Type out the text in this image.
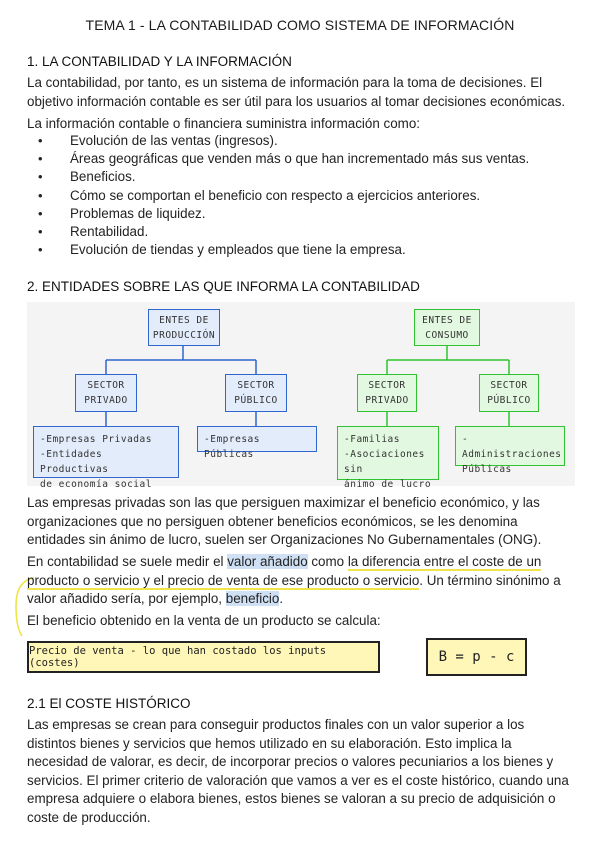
TEMA 1 - LA CONTABILIDAD COMO SISTEMA DE INFORMACIÓN
1. LA CONTABILIDAD Y LA INFORMACIÓN
La contabilidad, por tanto, es un sistema de información para la toma de decisiones. El objetivo información contable es ser útil para los usuarios al tomar decisiones económicas.
La información contable o financiera suministra información como:
• Evolución de las ventas (ingresos).
• Áreas geográficas que venden más o que han incrementado más sus ventas.
• Beneficios.
• Cómo se comportan el beneficio con respecto a ejercicios anteriores.
• Problemas de liquidez.
• Rentabilidad.
• Evolución de tiendas y empleados que tiene la empresa.
2. ENTIDADES SOBRE LAS QUE INFORMA LA CONTABILIDAD
ENTES DE PRODUCCIÓN
SECTOR PRIVADO
SECTOR PÚBLICO
-Empresas Privadas
-Entidades Productivas
de economía social
-Empresas Públicas
ENTES DE CONSUMO
SECTOR PRIVADO
SECTOR PÚBLICO
-Familias
-Asociaciones sin
ánimo de lucro
-Administraciones
Públicas
Las empresas privadas son las que persiguen maximizar el beneficio económico, y las organizaciones que no persiguen obtener beneficios económicos, se les denomina entidades sin ánimo de lucro, suelen ser Organizaciones No Gubernamentales (ONG).
En contabilidad se suele medir el valor añadido como la diferencia entre el coste de un producto o servicio y el precio de venta de ese producto o servicio. Un término sinónimo a valor añadido sería, por ejemplo, beneficio.
El beneficio obtenido en la venta de un producto se calcula:
Precio de venta - lo que han costado los inputs (costes)	B = p - c
2.1 El COSTE HISTÓRICO
Las empresas se crean para conseguir productos finales con un valor superior a los distintos bienes y servicios que hemos utilizado en su elaboración. Esto implica la necesidad de valorar, es decir, de incorporar precios o valores pecuniarios a los bienes y servicios. El primer criterio de valoración que vamos a ver es el coste histórico, cuando una empresa adquiere o elabora bienes, estos bienes se valoran a su precio de adquisición o coste de producción.
